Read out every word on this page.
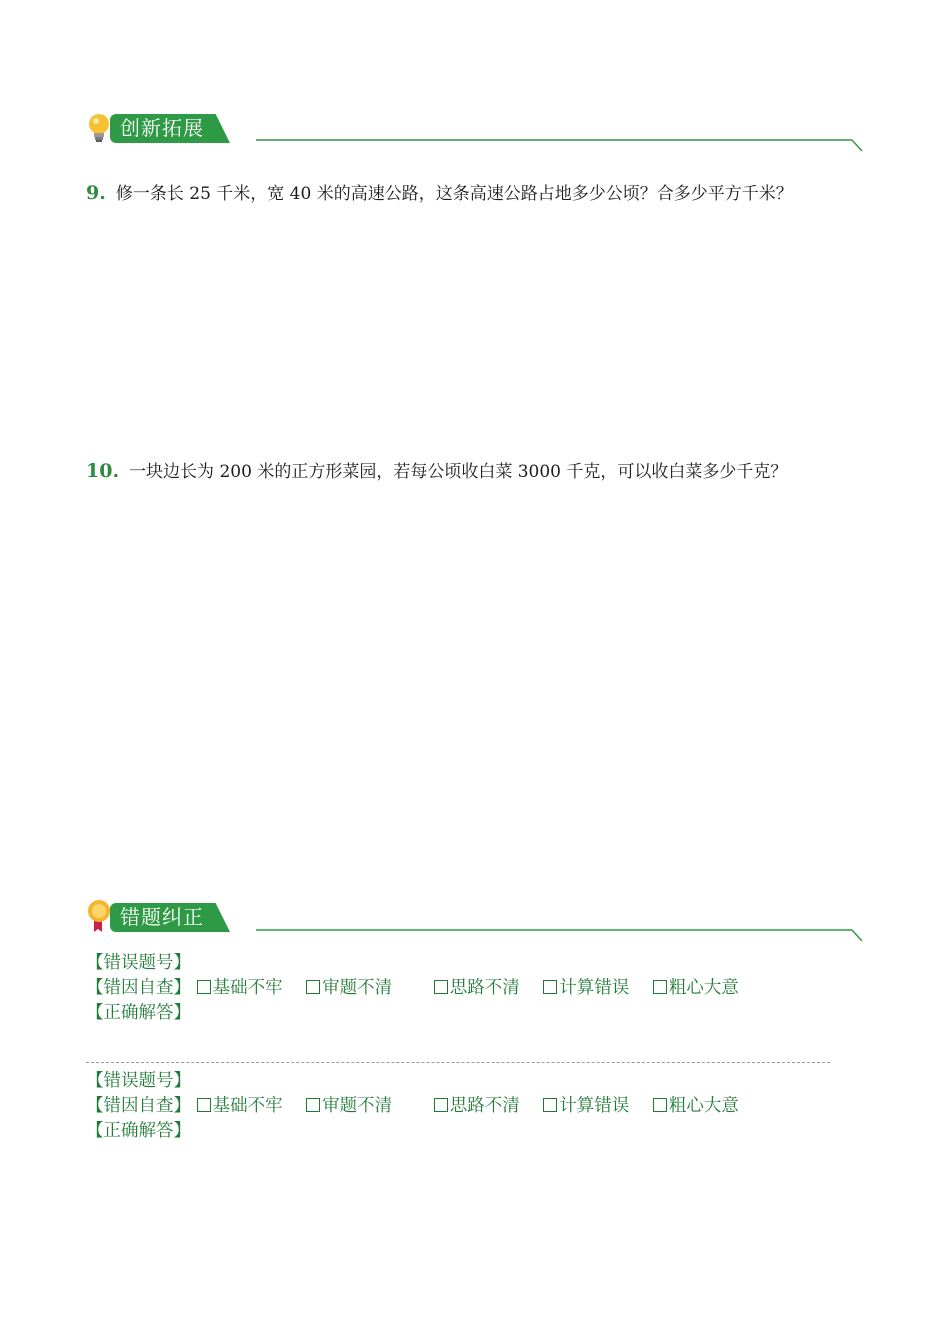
创新拓展
9. 修一条长 25 千米，宽 40 米的高速公路，这条高速公路占地多少公顷？合多少平方千米？
10. 一块边长为 200 米的正方形菜园，若每公顷收白菜 3000 千克，可以收白菜多少千克？
错题纠正
【错误题号】
【错因自查】 基础不牢 审题不清	思路不清 计算错误 粗心大意
【正确解答】
【错误题号】
【错因自查】 基础不牢 审题不清	思路不清 计算错误 粗心大意
【正确解答】
